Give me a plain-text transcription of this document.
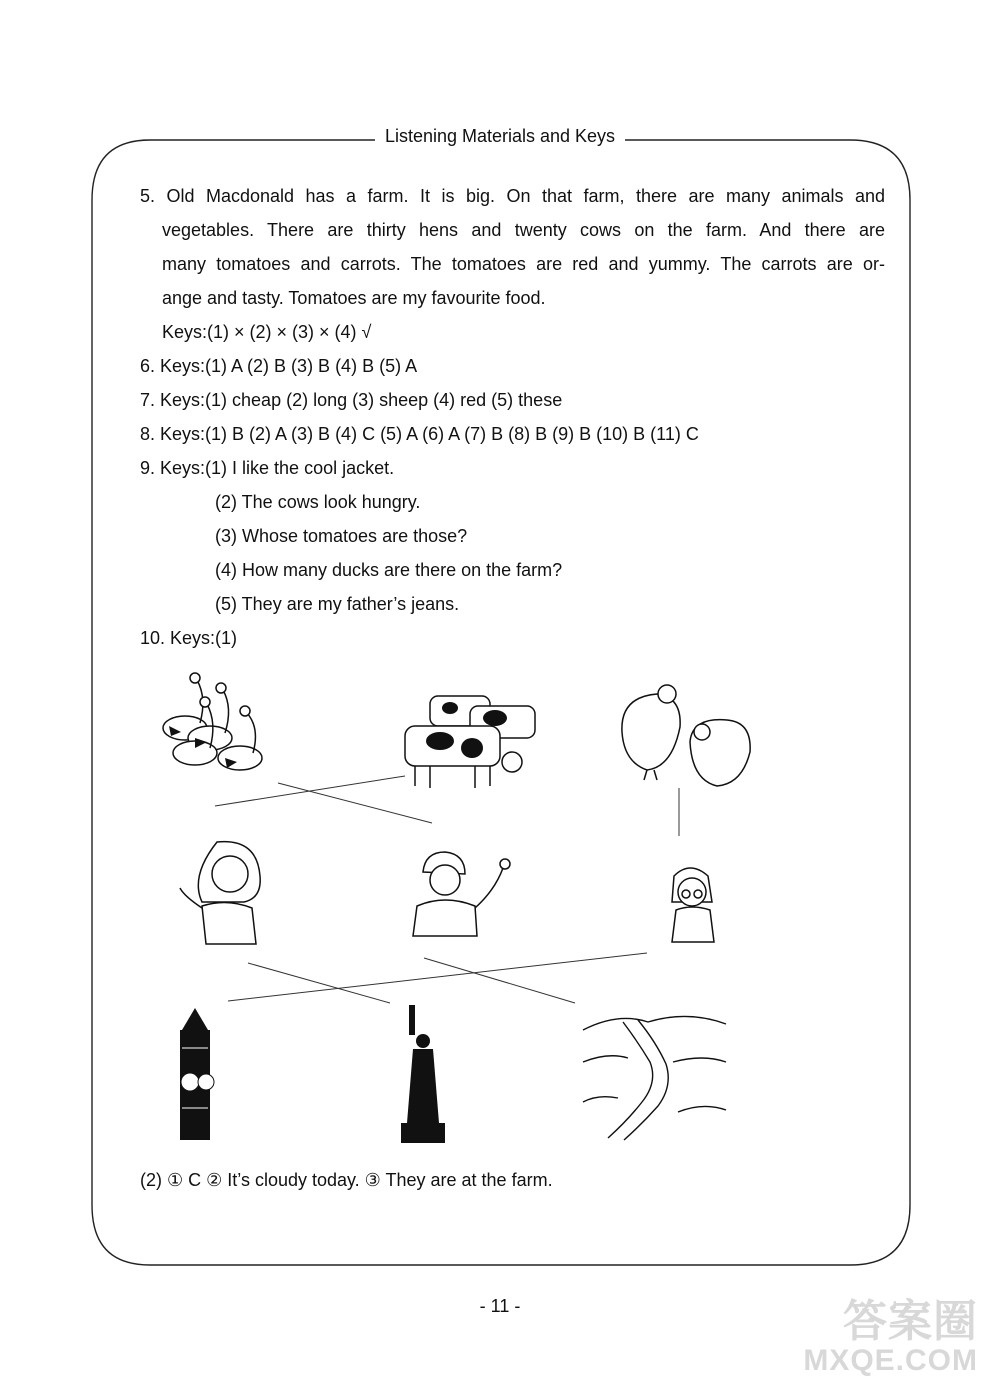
Listening Materials and Keys
5. Old Macdonald has a farm. It is big. On that farm, there are many animals and
vegetables. There are thirty hens and twenty cows on the farm. And there are
many tomatoes and carrots. The tomatoes are red and yummy. The carrots are or-
ange and tasty. Tomatoes are my favourite food.
Keys:(1) × (2) × (3) × (4) √
6. Keys:(1) A (2) B (3) B (4) B (5) A
7. Keys:(1) cheap (2) long (3) sheep (4) red (5) these
8. Keys:(1) B (2) A (3) B (4) C (5) A (6) A (7) B (8) B (9) B (10) B (11) C
9. Keys:(1) I like the cool jacket.
(2) The cows look hungry.
(3) Whose tomatoes are those?
(4) How many ducks are there on the farm?
(5) They are my father’s jeans.
10. Keys:(1)
(2) ① C ② It’s cloudy today. ③ They are at the farm.
- 11 -	答案圈
MXQE.COM
